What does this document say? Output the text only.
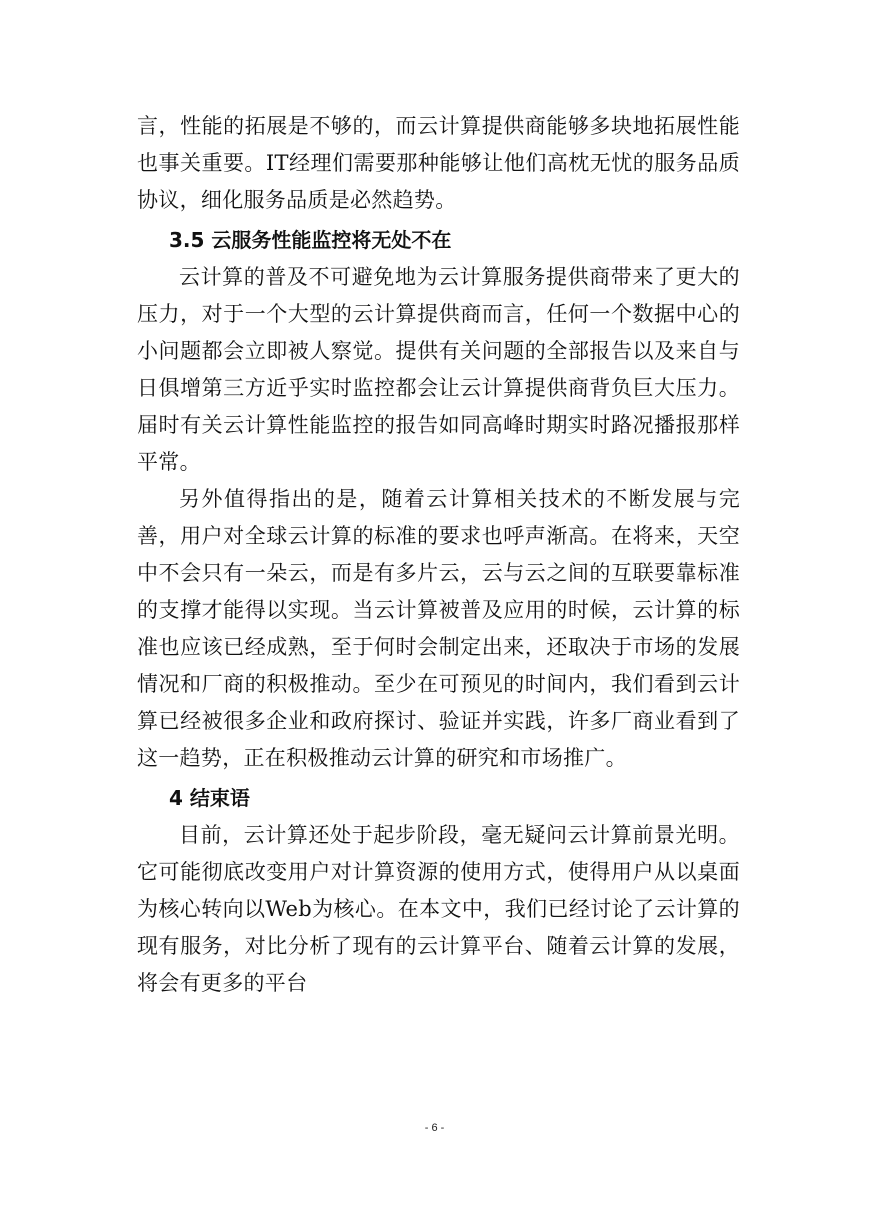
言，性能的拓展是不够的，而云计算提供商能够多块地拓展性能也事关重要。IT经理们需要那种能够让他们高枕无忧的服务品质协议，细化服务品质是必然趋势。

3.5 云服务性能监控将无处不在

云计算的普及不可避免地为云计算服务提供商带来了更大的压力，对于一个大型的云计算提供商而言，任何一个数据中心的小问题都会立即被人察觉。提供有关问题的全部报告以及来自与日俱增第三方近乎实时监控都会让云计算提供商背负巨大压力。届时有关云计算性能监控的报告如同高峰时期实时路况播报那样平常。

另外值得指出的是，随着云计算相关技术的不断发展与完善，用户对全球云计算的标准的要求也呼声渐高。在将来，天空中不会只有一朵云，而是有多片云，云与云之间的互联要靠标准的支撑才能得以实现。当云计算被普及应用的时候，云计算的标准也应该已经成熟，至于何时会制定出来，还取决于市场的发展情况和厂商的积极推动。至少在可预见的时间内，我们看到云计算已经被很多企业和政府探讨、验证并实践，许多厂商业看到了这一趋势，正在积极推动云计算的研究和市场推广。

4 结束语

目前，云计算还处于起步阶段，毫无疑问云计算前景光明。它可能彻底改变用户对计算资源的使用方式，使得用户从以桌面为核心转向以Web为核心。在本文中，我们已经讨论了云计算的现有服务，对比分析了现有的云计算平台、随着云计算的发展，将会有更多的平台

- 6 -
